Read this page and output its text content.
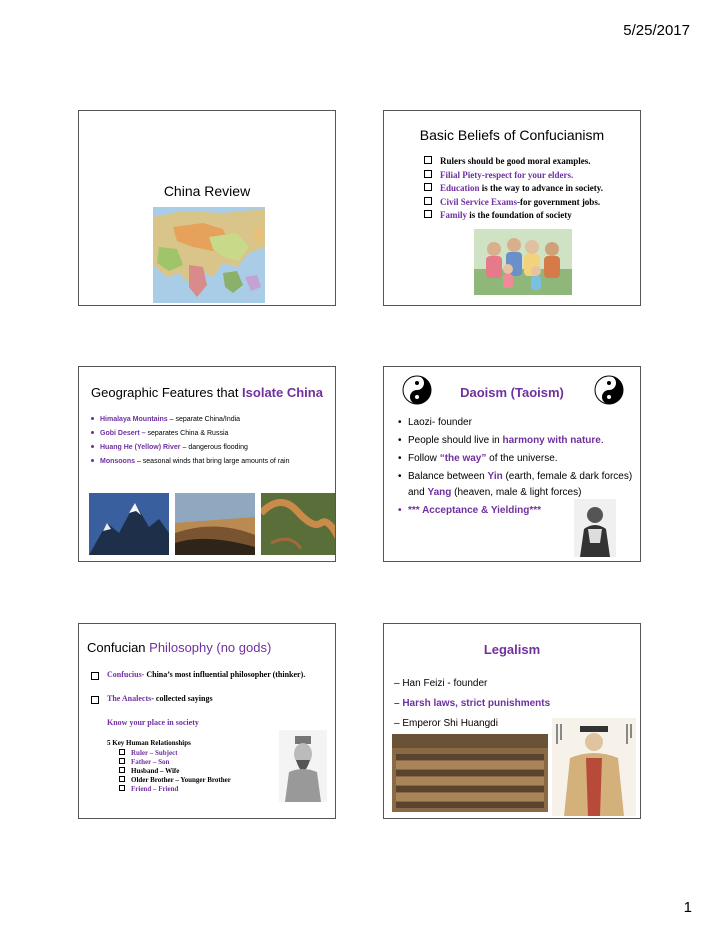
5/25/2017
China Review
Basic Beliefs of Confucianism
Rulers should be good moral examples.
Filial Piety-respect for your elders.
Education is the way to advance in society.
Civil Service Exams-for government jobs.
Family is the foundation of society
Geographic Features that Isolate China
Himalaya Mountains – separate China/India
Gobi Desert – separates China & Russia
Huang He (Yellow) River – dangerous flooding
Monsoons – seasonal winds that bring large amounts of rain
Daoism (Taoism)
• Laozi- founder
• People should live in harmony with nature.
• Follow “the way” of the universe.
• Balance between Yin (earth, female & dark forces) and Yang (heaven, male & light forces)
• *** Acceptance & Yielding***
Confucian Philosophy (no gods)
Confucius- China’s most influential philosopher (thinker).
The Analects- collected sayings
Know your place in society
5 Key Human Relationships
Ruler – Subject
Father – Son
Husband – Wife
Older Brother – Younger Brother
Friend – Friend
Legalism
– Han Feizi - founder
– Harsh laws, strict punishments
– Emperor Shi Huangdi
1
